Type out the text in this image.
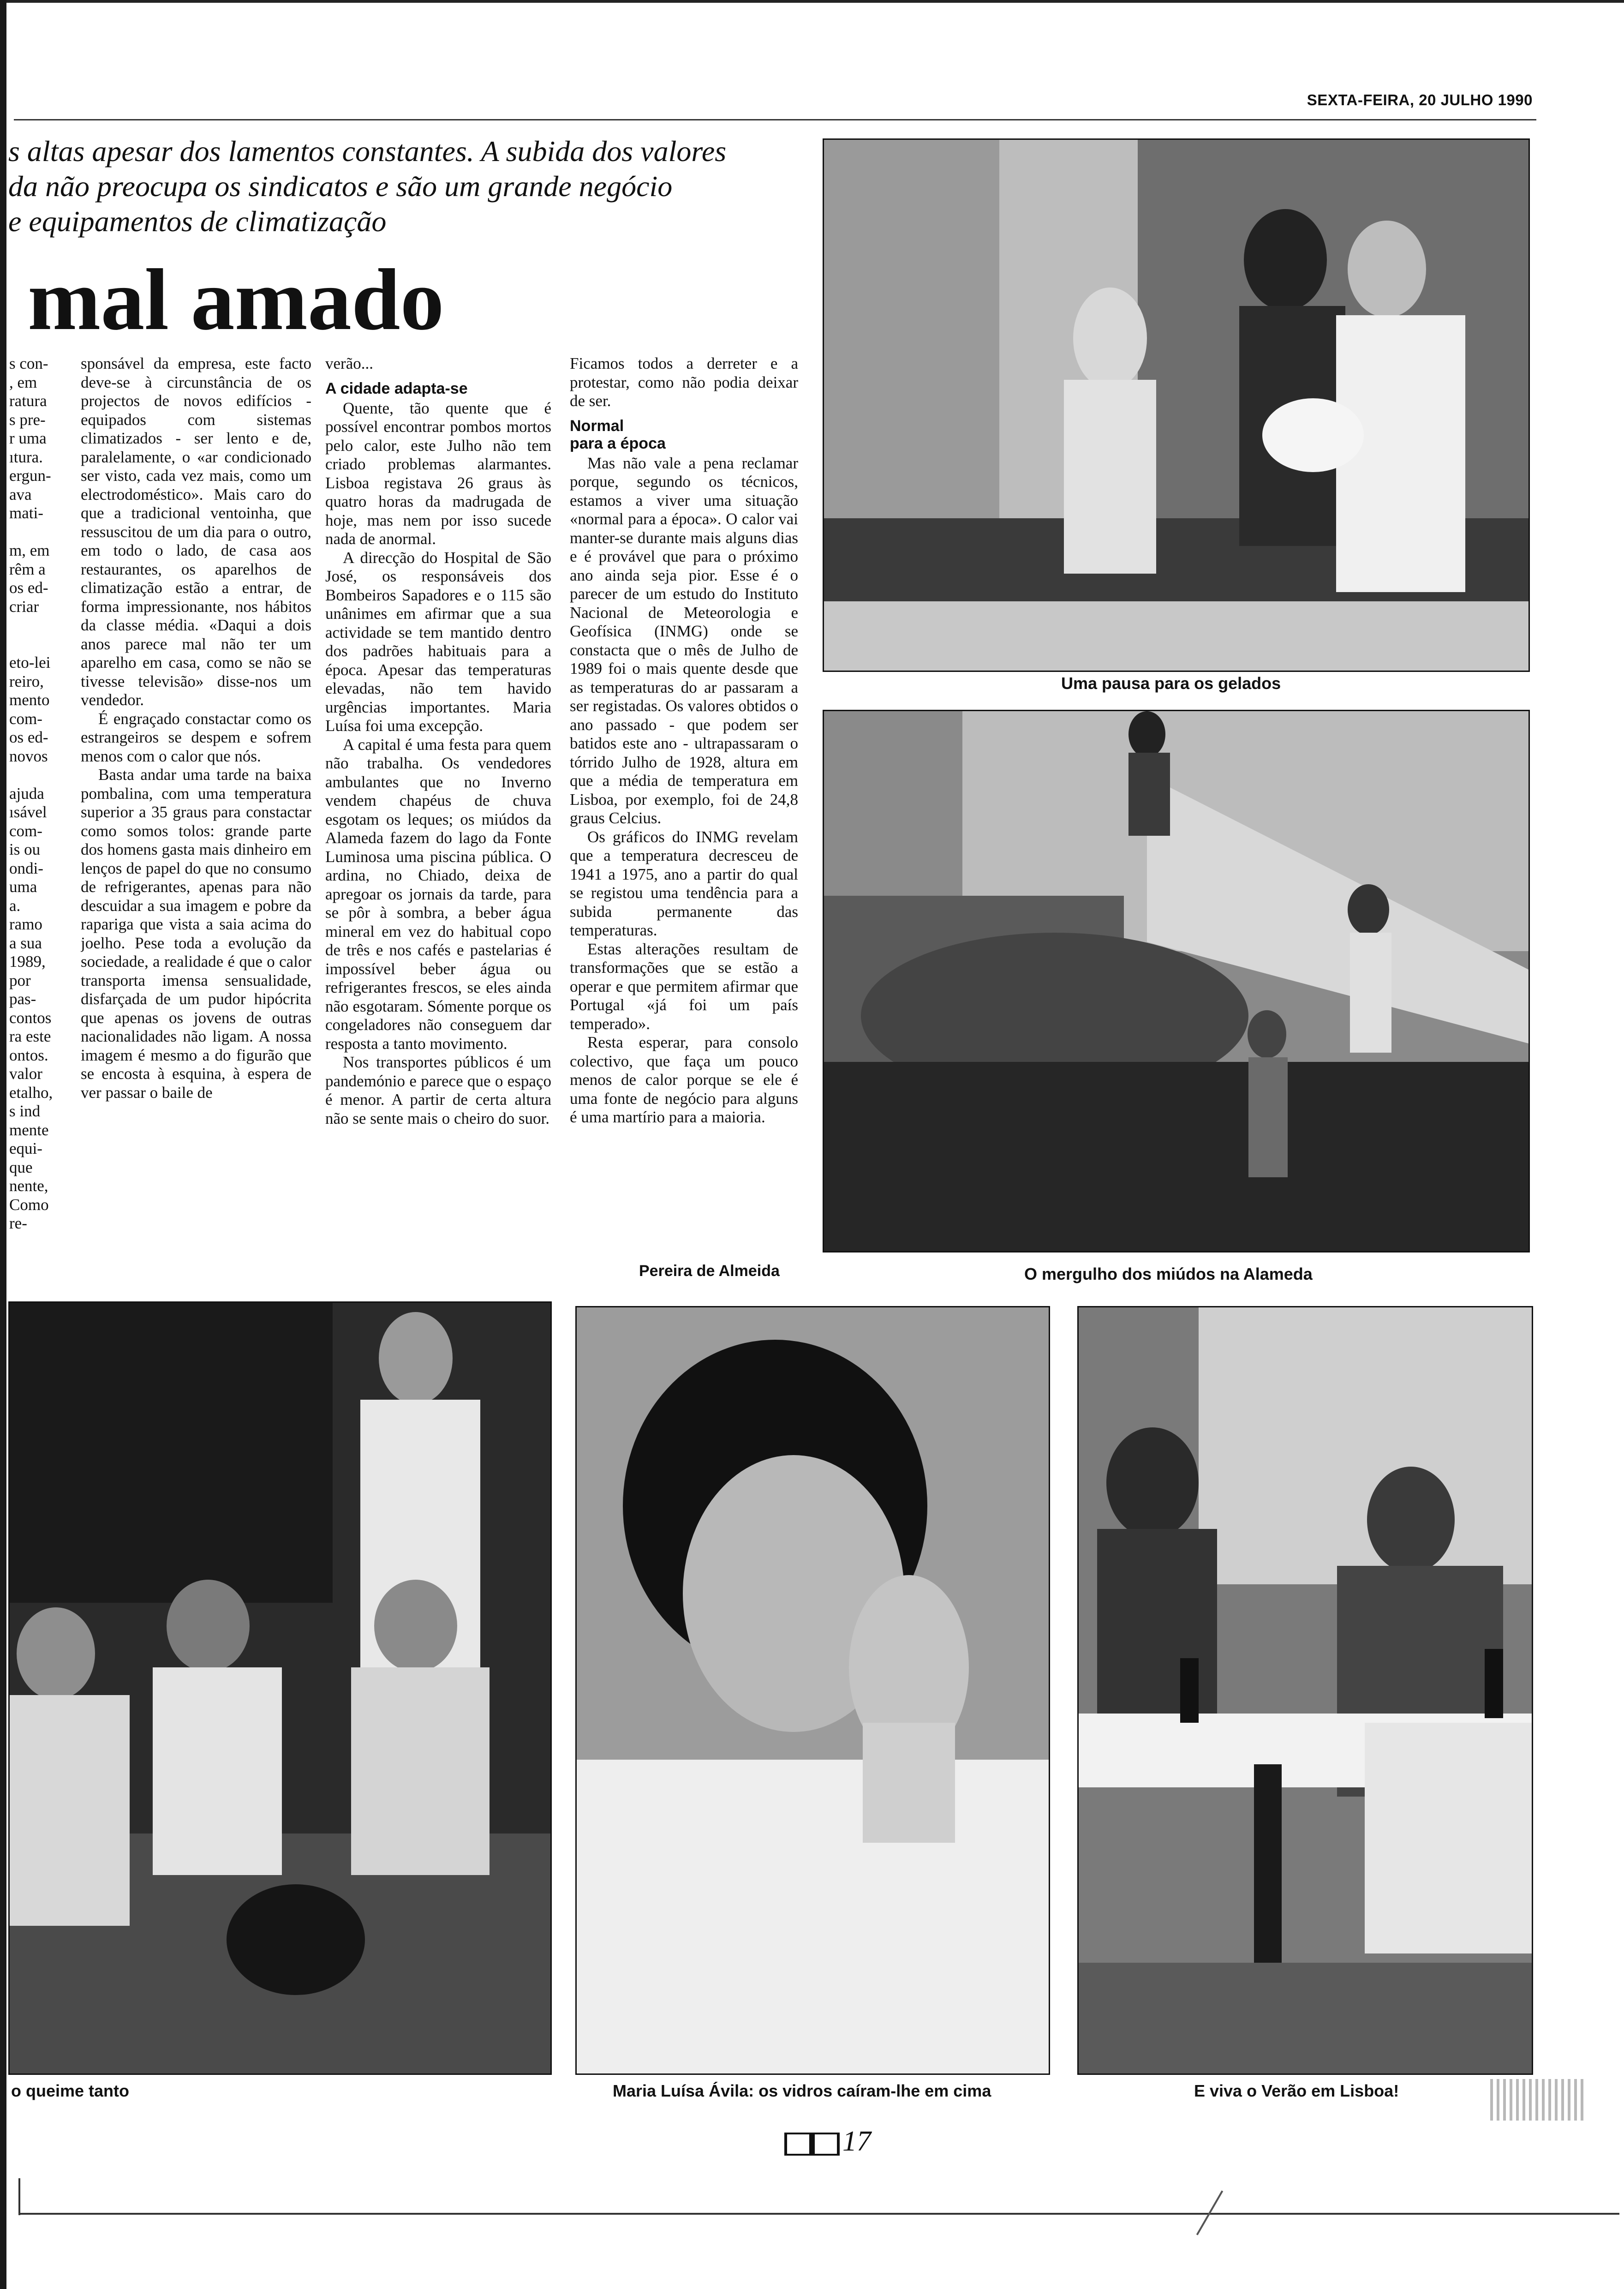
SEXTA-FEIRA, 20 JULHO 1990
s altas apesar dos lamentos constantes. A subida dos valores
da não preocupa os sindicatos e são um grande negócio
e equipamentos de climatização
mal amado
s con-
, em
ratura
s pre-
r uma
ıtura.
ergun-
ava
mati-
m, em
rêm a
os ed-
criar
eto-lei
reiro,
mento
com-
os ed-
novos
ajuda
ısável
com-
is ou
ondi-
uma
a.
ramo
a sua
1989,
por
pas-
contos
ra este
ontos.
valor
etalho,
s ind
mente
equi-
que
nente,
Como
re-

sponsável da empresa, este facto deve-se à circunstância de os projectos de novos edifícios - equipados com sistemas climatizados - ser lento e de, paralelamente, o «ar condicionado ser visto, cada vez mais, como um electrodoméstico». Mais caro do que a tradicional ventoinha, que ressuscitou de um dia para o outro, em todo o lado, de casa aos restaurantes, os aparelhos de climatização estão a entrar, de forma impressionante, nos hábitos da classe média. «Daqui a dois anos parece mal não ter um aparelho em casa, como se não se tivesse televisão» disse-nos um vendedor.

É engraçado constactar como os estrangeiros se despem e sofrem menos com o calor que nós.

Basta andar uma tarde na baixa pombalina, com uma temperatura superior a 35 graus para constactar como somos tolos: grande parte dos homens gasta mais dinheiro em lenços de papel do que no consumo de refrigerantes, apenas para não descuidar a sua imagem e pobre da rapariga que vista a saia acima do joelho. Pese toda a evolução da sociedade, a realidade é que o calor transporta imensa sensualidade, disfarçada de um pudor hipócrita que apenas os jovens de outras nacionalidades não ligam. A nossa imagem é mesmo a do figurão que se encosta à esquina, à espera de ver passar o baile de

verão...

A cidade adapta-se

Quente, tão quente que é possível encontrar pombos mortos pelo calor, este Julho não tem criado problemas alarmantes. Lisboa registava 26 graus às quatro horas da madrugada de hoje, mas nem por isso sucede nada de anormal.

A direcção do Hospital de São José, os responsáveis dos Bombeiros Sapadores e o 115 são unânimes em afirmar que a sua actividade se tem mantido dentro dos padrões habituais para a época. Apesar das temperaturas elevadas, não tem havido urgências importantes. Maria Luísa foi uma excepção.

A capital é uma festa para quem não trabalha. Os vendedores ambulantes que no Inverno vendem chapéus de chuva esgotam os leques; os miúdos da Alameda fazem do lago da Fonte Luminosa uma piscina pública. O ardina, no Chiado, deixa de apregoar os jornais da tarde, para se pôr à sombra, a beber água mineral em vez do habitual copo de três e nos cafés e pastelarias é impossível beber água ou refrigerantes frescos, se eles ainda não esgotaram. Sómente porque os congeladores não conseguem dar resposta a tanto movimento.

Nos transportes públicos é um pandemónio e parece que o espaço é menor. A partir de certa altura não se sente mais o cheiro do suor.

Ficamos todos a derreter e a protestar, como não podia deixar de ser.

Normal
para a época

Mas não vale a pena reclamar porque, segundo os técnicos, estamos a viver uma situação «normal para a época». O calor vai manter-se durante mais alguns dias e é provável que para o próximo ano ainda seja pior. Esse é o parecer de um estudo do Instituto Nacional de Meteorologia e Geofísica (INMG) onde se constacta que o mês de Julho de 1989 foi o mais quente desde que as temperaturas do ar passaram a ser registadas. Os valores obtidos o ano passado - que podem ser batidos este ano - ultrapassaram o tórrido Julho de 1928, altura em que a média de temperatura em Lisboa, por exemplo, foi de 24,8 graus Celcius.

Os gráficos do INMG revelam que a temperatura decresceu de 1941 a 1975, ano a partir do qual se registou uma tendência para a subida permanente das temperaturas.

Estas alterações resultam de transformações que se estão a operar e que permitem afirmar que Portugal «já foi um país temperado».

Resta esperar, para consolo colectivo, que faça um pouco menos de calor porque se ele é uma fonte de negócio para alguns é uma martírio para a maioria.

Pereira de Almeida
Uma pausa para os gelados
O mergulho dos miúdos na Alameda
o queime tanto	Maria Luísa Ávila: os vidros caíram-lhe em cima	E viva o Verão em Lisboa!
17
